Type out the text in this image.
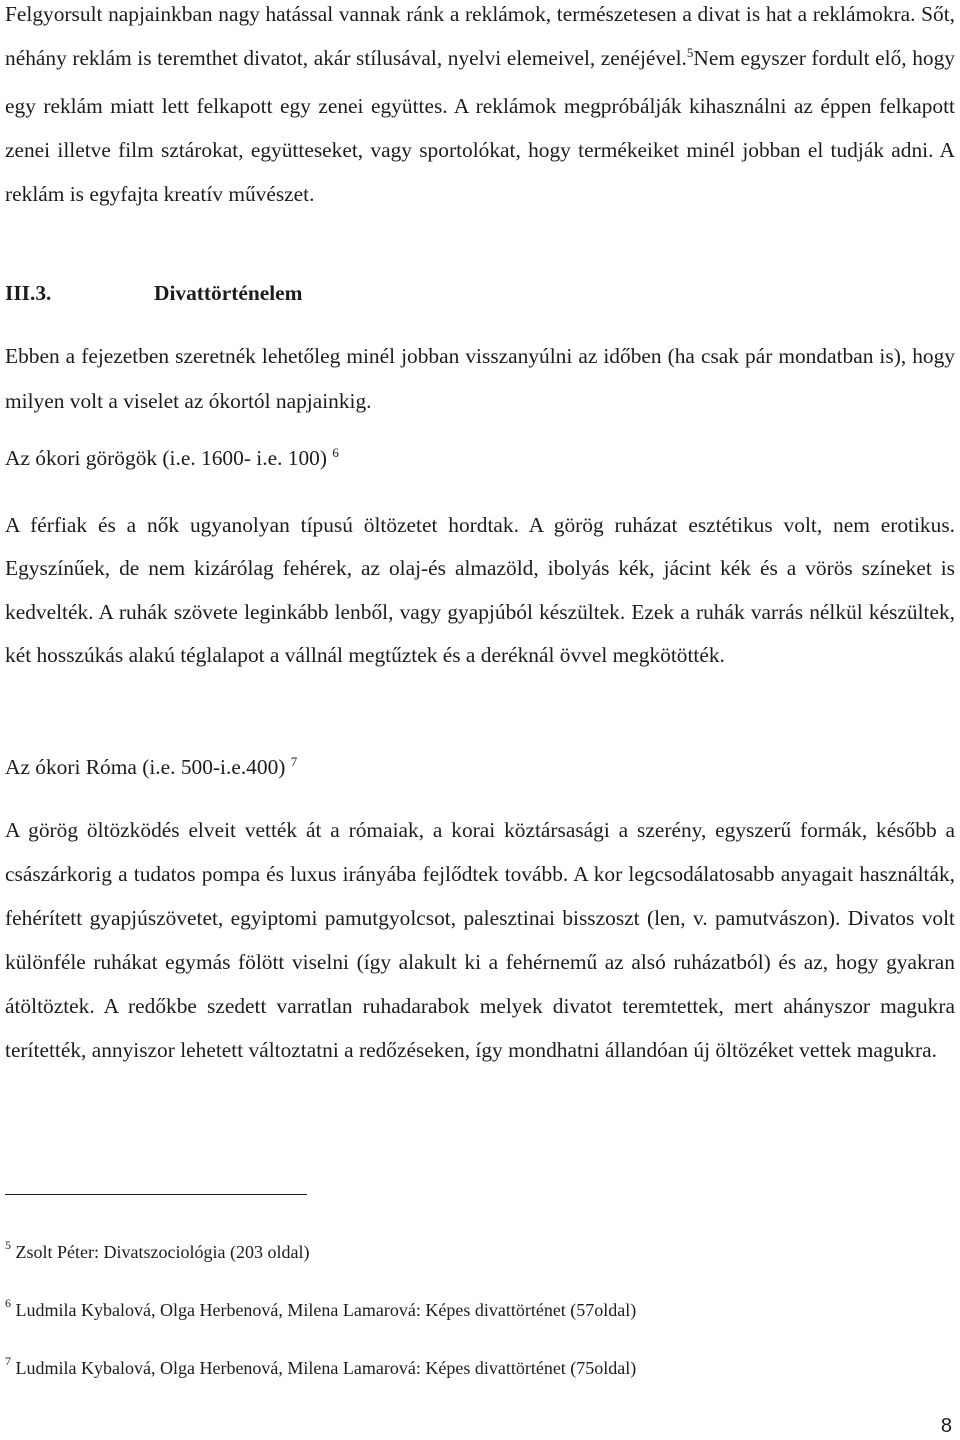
Felgyorsult napjainkban nagy hatással vannak ránk a reklámok, természetesen a divat is hat a reklámokra. Sőt, néhány reklám is teremthet divatot, akár stílusával, nyelvi elemeivel, zenéjével.$^5$Nem egyszer fordult elő, hogy egy reklám miatt lett felkapott egy zenei együttes. A reklámok megpróbálják kihasználni az éppen felkapott zenei illetve film sztárokat, együtteseket, vagy sportolókat, hogy termékeiket minél jobban el tudják adni. A reklám is egyfajta kreatív művészet.

III.3.	Divattörténelem

Ebben a fejezetben szeretnék lehetőleg minél jobban visszanyúlni az időben (ha csak pár mondatban is), hogy milyen volt a viselet az ókortól napjainkig.

Az ókori görögök (i.e. 1600- i.e. 100) $^6$

A férfiak és a nők ugyanolyan típusú öltözetet hordtak. A görög ruházat esztétikus volt, nem erotikus. Egyszínűek, de nem kizárólag fehérek, az olaj-és almazöld, ibolyás kék, jácint kék és a vörös színeket is kedvelték. A ruhák szövete leginkább lenből, vagy gyapjúból készültek. Ezek a ruhák varrás nélkül készültek, két hosszúkás alakú téglalapot a vállnál megtűztek és a deréknál övvel megkötötték.

Az ókori Róma (i.e. 500-i.e.400) $^7$

A görög öltözködés elveit vették át a rómaiak, a korai köztársasági a szerény, egyszerű formák, később a császárkorig a tudatos pompa és luxus irányába fejlődtek tovább. A kor legcsodálatosabb anyagait használták, fehérített gyapjúszövetet, egyiptomi pamutgyolcsot, palesztinai bisszoszt (len, v. pamutvászon). Divatos volt különféle ruhákat egymás fölött viselni (így alakult ki a fehérnemű az alsó ruházatból) és az, hogy gyakran átöltöztek. A redőkbe szedett varratlan ruhadarabok melyek divatot teremtettek, mert ahányszor magukra terítették, annyiszor lehetett változtatni a redőzéseken, így mondhatni állandóan új öltözéket vettek magukra.

$^5$ Zsolt Péter: Divatszociológia (203 oldal)

$^6$ Ludmila Kybalová, Olga Herbenová, Milena Lamarová: Képes divattörténet (57oldal)

$^7$ Ludmila Kybalová, Olga Herbenová, Milena Lamarová: Képes divattörténet (75oldal)

8
